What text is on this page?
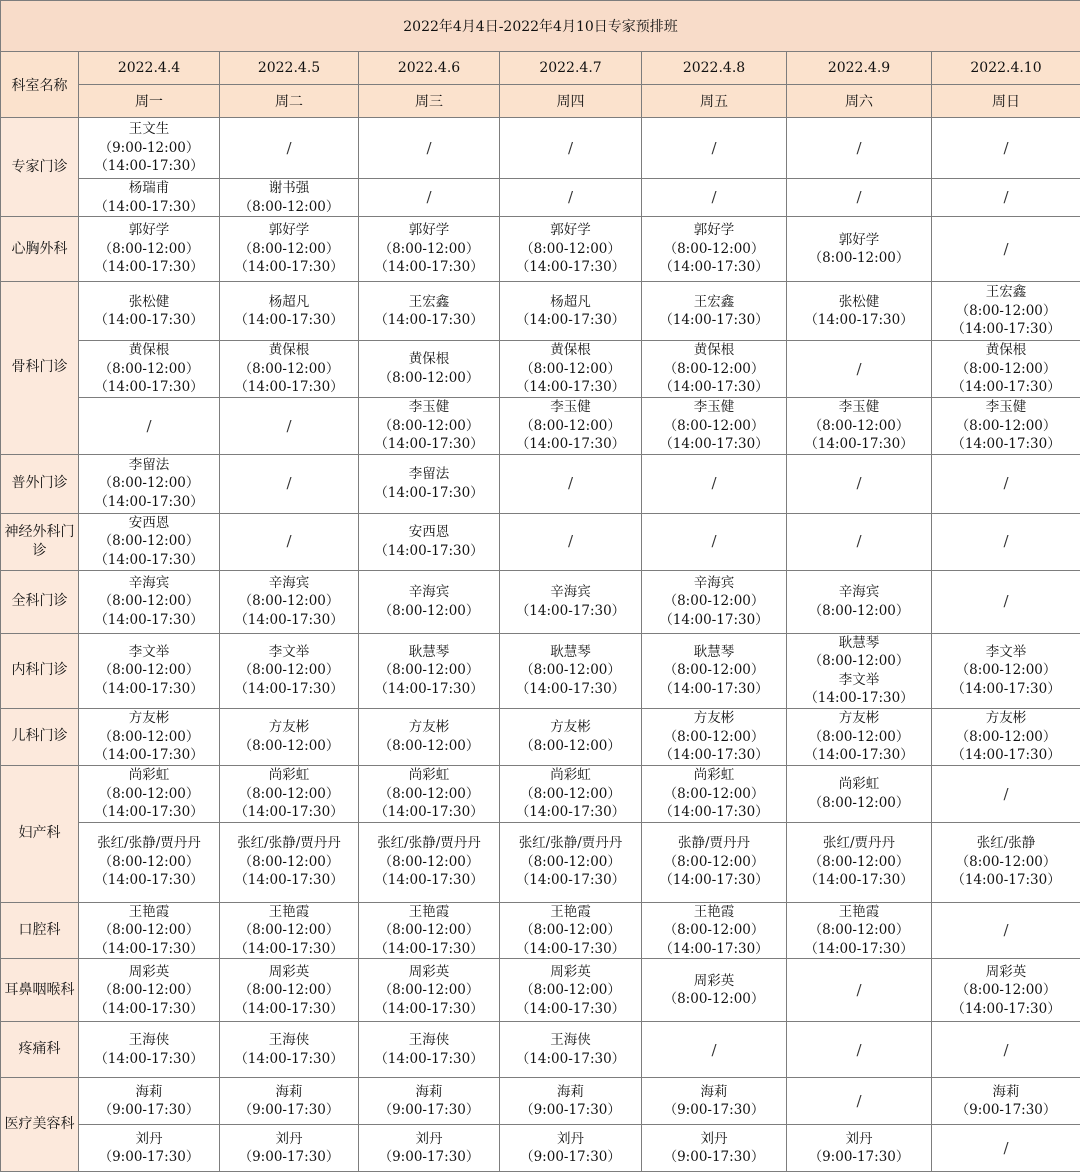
2022年4月4日-2022年4月10日专家预排班							
科室名称	2022.4.4	2022.4.5	2022.4.6	2022.4.7	2022.4.8	2022.4.9	2022.4.10
	周一	周二	周三	周四	周五	周六	周日
专家门诊	王文生
（9:00-12:00）
（14:00-17:30）	/	/	/	/	/	/

	杨瑞甫
（14:00-17:30）	谢书强
（8:00-12:00）	/	/	/	/	/

心胸外科	郭好学
（8:00-12:00）
（14:00-17:30）	郭好学
（8:00-12:00）
（14:00-17:30）	郭好学
（8:00-12:00）
（14:00-17:30）	郭好学
（8:00-12:00）
（14:00-17:30）	郭好学
（8:00-12:00）
（14:00-17:30）	郭好学
（8:00-12:00）	/

骨科门诊	张松健
（14:00-17:30）	杨超凡
（14:00-17:30）	王宏鑫
（14:00-17:30）	杨超凡
（14:00-17:30）	王宏鑫
（14:00-17:30）	张松健
（14:00-17:30）	王宏鑫
（8:00-12:00）
（14:00-17:30）

	黄保根
（8:00-12:00）
（14:00-17:30）	黄保根
（8:00-12:00）
（14:00-17:30）	黄保根
（8:00-12:00）	黄保根
（8:00-12:00）
（14:00-17:30）	黄保根
（8:00-12:00）
（14:00-17:30）	/	黄保根
（8:00-12:00）
（14:00-17:30）

	/	/	李玉健
（8:00-12:00）
（14:00-17:30）	李玉健
（8:00-12:00）
（14:00-17:30）	李玉健
（8:00-12:00）
（14:00-17:30）	李玉健
（8:00-12:00）
（14:00-17:30）	李玉健
（8:00-12:00）
（14:00-17:30）

普外门诊	李留法
（8:00-12:00）
（14:00-17:30）	/	李留法
（14:00-17:30）	/	/	/	/

神经外科门诊	安西恩
（8:00-12:00）
（14:00-17:30）	/	安西恩
（14:00-17:30）	/	/	/	/

全科门诊	辛海宾
（8:00-12:00）
（14:00-17:30）	辛海宾
（8:00-12:00）
（14:00-17:30）	辛海宾
（8:00-12:00）	辛海宾
（14:00-17:30）	辛海宾
（8:00-12:00）
（14:00-17:30）	辛海宾
（8:00-12:00）	/

内科门诊	李文举
（8:00-12:00）
（14:00-17:30）	李文举
（8:00-12:00）
（14:00-17:30）	耿慧琴
（8:00-12:00）
（14:00-17:30）	耿慧琴
（8:00-12:00）
（14:00-17:30）	耿慧琴
（8:00-12:00）
（14:00-17:30）	耿慧琴
（8:00-12:00）
李文举
（14:00-17:30）	李文举
（8:00-12:00）
（14:00-17:30）

儿科门诊	方友彬
（8:00-12:00）
（14:00-17:30）	方友彬
（8:00-12:00）	方友彬
（8:00-12:00）	方友彬
（8:00-12:00）	方友彬
（8:00-12:00）
（14:00-17:30）	方友彬
（8:00-12:00）
（14:00-17:30）	方友彬
（8:00-12:00）
（14:00-17:30）

妇产科	尚彩虹
（8:00-12:00）
（14:00-17:30）	尚彩虹
（8:00-12:00）
（14:00-17:30）	尚彩虹
（8:00-12:00）
（14:00-17:30）	尚彩虹
（8:00-12:00）
（14:00-17:30）	尚彩虹
（8:00-12:00）
（14:00-17:30）	尚彩虹
（8:00-12:00）	/

	张红/张静/贾丹丹
（8:00-12:00）
（14:00-17:30）	张红/张静/贾丹丹
（8:00-12:00）
（14:00-17:30）	张红/张静/贾丹丹
（8:00-12:00）
（14:00-17:30）	张红/张静/贾丹丹
（8:00-12:00）
（14:00-17:30）	张静/贾丹丹
（8:00-12:00）
（14:00-17:30）	张红/贾丹丹
（8:00-12:00）
（14:00-17:30）	张红/张静
（8:00-12:00）
（14:00-17:30）

口腔科	王艳霞
（8:00-12:00）
（14:00-17:30）	王艳霞
（8:00-12:00）
（14:00-17:30）	王艳霞
（8:00-12:00）
（14:00-17:30）	王艳霞
（8:00-12:00）
（14:00-17:30）	王艳霞
（8:00-12:00）
（14:00-17:30）	王艳霞
（8:00-12:00）
（14:00-17:30）	/

耳鼻咽喉科	周彩英
（8:00-12:00）
（14:00-17:30）	周彩英
（8:00-12:00）
（14:00-17:30）	周彩英
（8:00-12:00）
（14:00-17:30）	周彩英
（8:00-12:00）
（14:00-17:30）	周彩英
（8:00-12:00）	/	周彩英
（8:00-12:00）
（14:00-17:30）

疼痛科	王海侠
（14:00-17:30）	王海侠
（14:00-17:30）	王海侠
（14:00-17:30）	王海侠
（14:00-17:30）	/	/	/

医疗美容科	海莉
（9:00-17:30）	海莉
（9:00-17:30）	海莉
（9:00-17:30）	海莉
（9:00-17:30）	海莉
（9:00-17:30）	/	海莉
（9:00-17:30）

	刘丹
（9:00-17:30）	刘丹
（9:00-17:30）	刘丹
（9:00-17:30）	刘丹
（9:00-17:30）	刘丹
（9:00-17:30）	刘丹
（9:00-17:30）	/
